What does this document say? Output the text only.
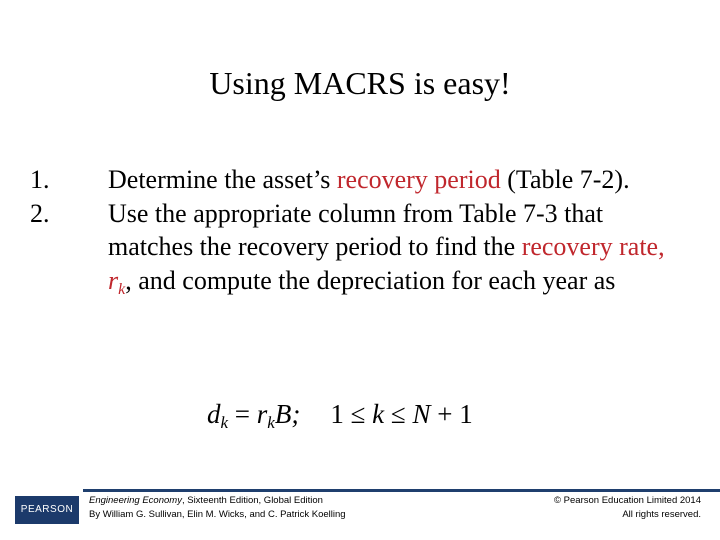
Using MACRS is easy!
1. Determine the asset’s recovery period (Table 7-2).
2. Use the appropriate column from Table 7-3 that matches the recovery period to find the recovery rate, $r_k$, and compute the depreciation for each year as
dk = rkB; 1 ≤ k ≤ N + 1
PEARSON
Engineering Economy, Sixteenth Edition, Global Edition
By William G. Sullivan, Elin M. Wicks, and C. Patrick Koelling
© Pearson Education Limited 2014
All rights reserved.
